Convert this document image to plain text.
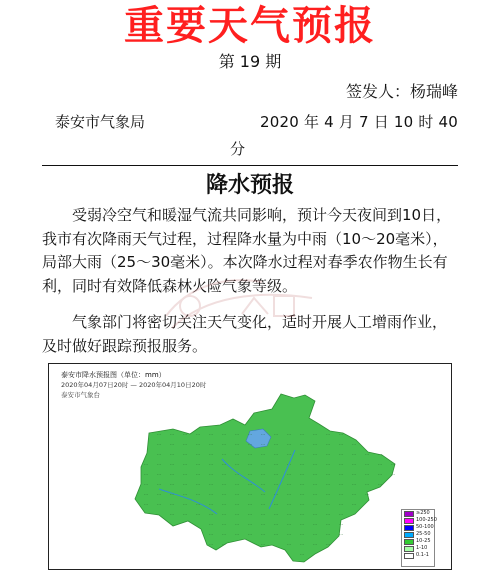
重要天气预报
第 19 期
签发人：杨瑞峰
泰安市气象局	2020 年 4 月 7 日 10 时 40
分
降水预报
受弱冷空气和暖湿气流共同影响，预计今天夜间到10日，我市有次降雨天气过程，过程降水量为中雨（10～20毫米），局部大雨（25～30毫米）。本次降水过程对春季农作物生长有利，同时有效降低森林火险气象等级。
气象部门将密切关注天气变化，适时开展人工增雨作业，及时做好跟踪预报服务。
泰安市降水预报图（单位：mm）
2020年04月07日20时 — 2020年04月10日20时
泰安市气象台
··· ··· ··· ··· ··· ··· ··· ··· ··· ··· ··· ··· ··· ··· ···
··· ··· ··· ··· ··· ··· ··· ··· ··· ··· ··· ··· ··· ··· ··· ···
··· ··· ··· ··· ··· ··· ··· ··· ··· ··· ··· ··· ··· ··· ··· ··· ··· ···
··· ··· ··· ··· ··· ··· ··· ··· ··· ··· ··· ··· ··· ··· ··· ··· ··· ··· ··· ···
··· ··· ··· ··· ··· ··· ··· ··· ··· ··· ··· ··· ··· ··· ··· ··· ··· ··· ··· ···
··· ··· ··· ··· ··· ··· ··· ··· ··· ··· ··· ··· ··· ··· ··· ··· ··· ··· ···
··· ··· ··· ··· ··· ··· ··· ··· ··· ··· ··· ··· ··· ··· ··· ··· ··· ···
··· ··· ··· ··· ··· ··· ··· ··· ··· ··· ··· ··· ··· ··· ··· ··· ···
··· ··· ··· ··· ··· ··· ··· ··· ··· ··· ··· ··· ··· ···
··· ··· ··· ··· ··· ··· ··· ··· ··· ··· ···
··· ··· ··· ··· ··· ··· ··· ··· ··· ··· ···
··· ···	···	··· ··· ··· ···
···
≥250
100-250
50-100
25-50
10-25
1-10
0.1-1
